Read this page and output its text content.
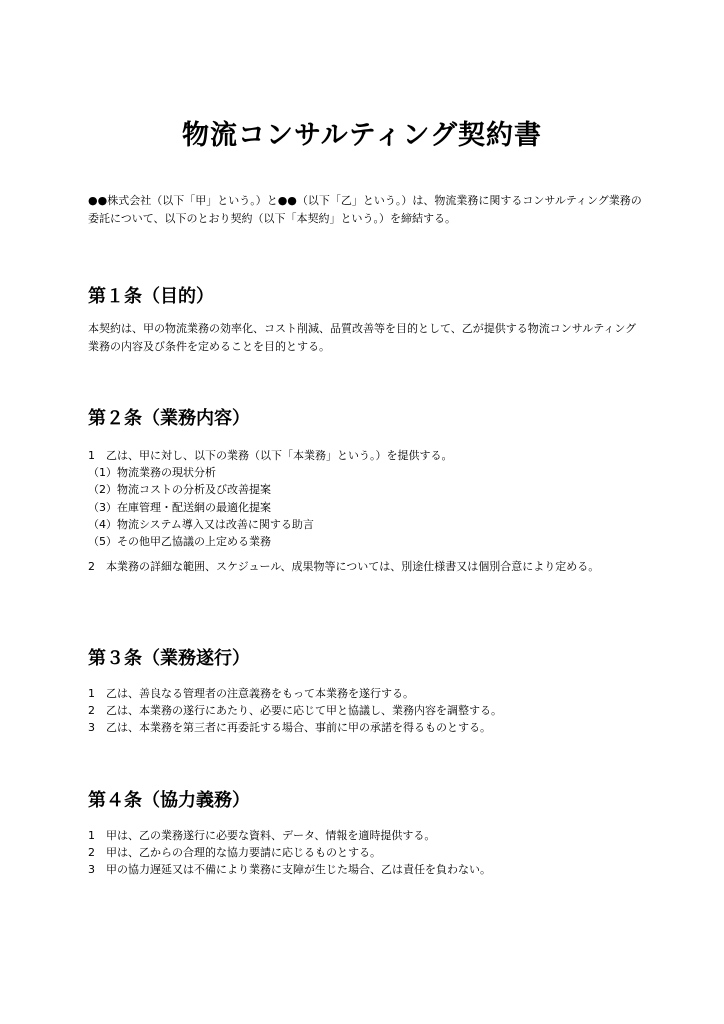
物流コンサルティング契約書
●●株式会社（以下「甲」という。）と●●（以下「乙」という。）は、物流業務に関するコンサルティング業務の委託について、以下のとおり契約（以下「本契約」という。）を締結する。
第１条（目的）
本契約は、甲の物流業務の効率化、コスト削減、品質改善等を目的として、乙が提供する物流コンサルティング業務の内容及び条件を定めることを目的とする。
第２条（業務内容）
1　乙は、甲に対し、以下の業務（以下「本業務」という。）を提供する。
（1）物流業務の現状分析
（2）物流コストの分析及び改善提案
（3）在庫管理・配送網の最適化提案
（4）物流システム導入又は改善に関する助言
（5）その他甲乙協議の上定める業務
2　本業務の詳細な範囲、スケジュール、成果物等については、別途仕様書又は個別合意により定める。
第３条（業務遂行）
1　乙は、善良なる管理者の注意義務をもって本業務を遂行する。
2　乙は、本業務の遂行にあたり、必要に応じて甲と協議し、業務内容を調整する。
3　乙は、本業務を第三者に再委託する場合、事前に甲の承諾を得るものとする。
第４条（協力義務）
1　甲は、乙の業務遂行に必要な資料、データ、情報を適時提供する。
2　甲は、乙からの合理的な協力要請に応じるものとする。
3　甲の協力遅延又は不備により業務に支障が生じた場合、乙は責任を負わない。
